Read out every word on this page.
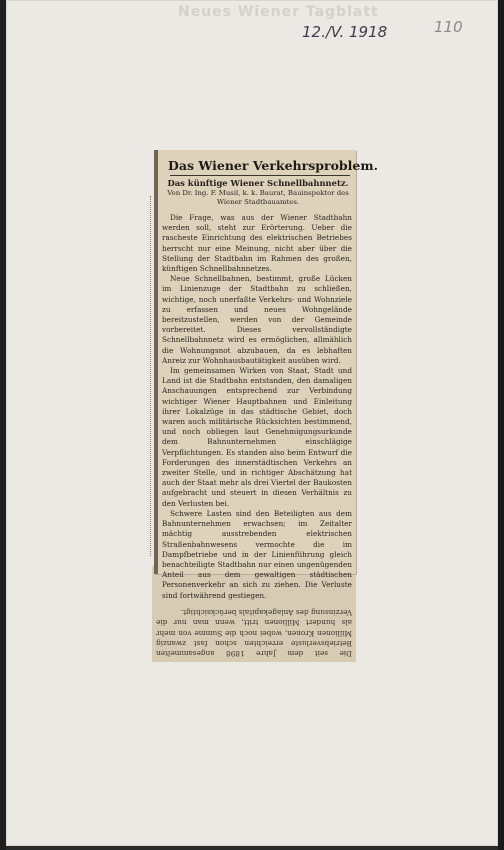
Neues Wiener Tagblatt
12./V. 1918	110

Die seit dem Jahre 1898 angesammelten Betriebsverluste erreichten schon fast zwanzig Millionen Kronen, wobei noch die Summe von mehr als hundert Millionen tritt, wenn man nur die Verzinsung des Anlagekapitals berücksichtigt.

Das Wiener Verkehrsproblem.
Das künftige Wiener Schnellbahnnetz.
Von Dr. Ing. F. Musil, k. k. Baurat, Bauinspektor des Wiener Stadtbauamtes.

Die Frage, was aus der Wiener Stadtbahn werden soll, steht zur Erörterung. Ueber die rascheste Einrichtung des elektrischen Betriebes herrscht nur eine Meinung, nicht aber über die Stellung der Stadtbahn im Rahmen des großen, künftigen Schnellbahnnetzes.

Neue Schnellbahnen, bestimmt, große Lücken im Linienzuge der Stadtbahn zu schließen, wichtige, noch unerfaßte Verkehrs- und Wohnziele zu erfassen und neues Wohngelände bereitzustellen, werden von der Gemeinde vorbereitet. Dieses vervollständigte Schnellbahnnetz wird es ermöglichen, allmählich die Wohnungsnot abzubauen, da es lebhaften Anreiz zur Wohnhausbautätigkeit ausüben wird.

Im gemeinsamen Wirken von Staat, Stadt und Land ist die Stadtbahn entstanden, den damaligen Anschauungen entsprechend zur Verbindung wichtiger Wiener Hauptbahnen und Einleitung ihrer Lokalzüge in das städtische Gebiet, doch waren auch militärische Rücksichten bestimmend, und noch obliegen laut Genehmigungsurkunde dem Bahnunternehmen einschlägige Verpflichtungen. Es standen also beim Entwurf die Forderungen des innerstädtischen Verkehrs an zweiter Stelle, und in richtiger Abschätzung hat auch der Staat mehr als drei Viertel der Baukosten aufgebracht und steuert in diesen Verhältnis zu den Verlusten bei.

Schwere Lasten sind den Beteiligten aus dem Bahnunternehmen erwachsen; im Zeitalter mächtig ausstrebenden elektrischen Straßenbahnwesens vermochte die im Dampfbetriebe und in der Linienführung gleich benachteiligte Stadtbahn nur einen ungenügenden Anteil aus dem gewaltigen städtischen Personenverkehr an sich zu ziehen. Die Verluste sind fortwährend gestiegen.
